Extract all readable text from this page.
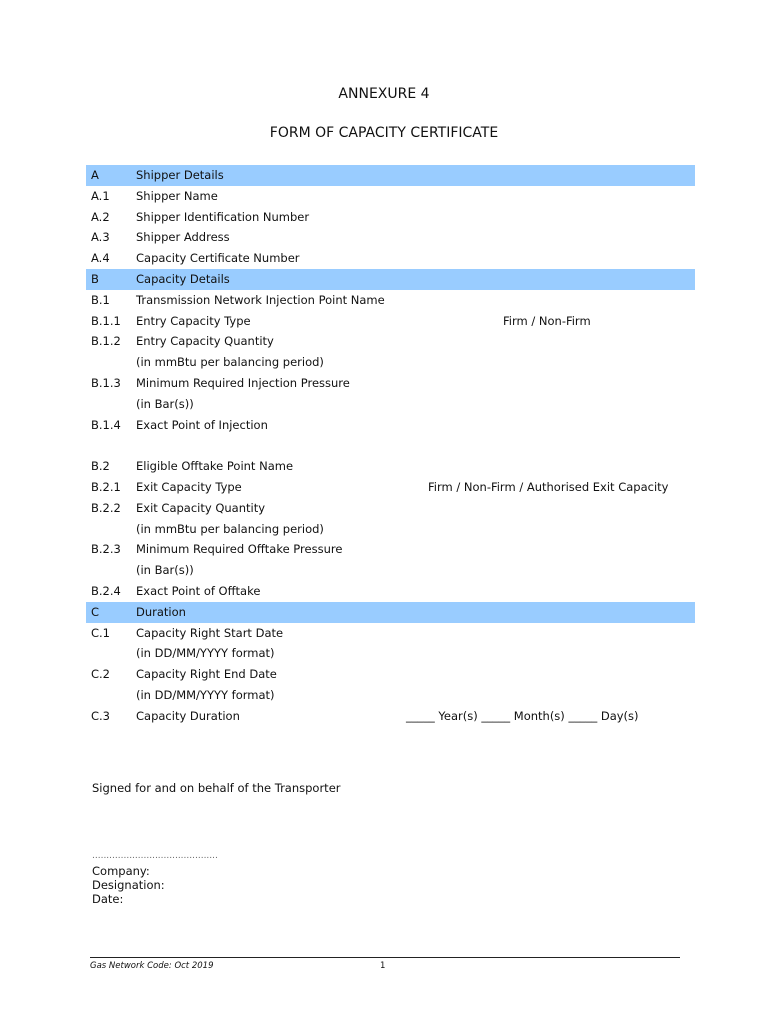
ANNEXURE 4
FORM OF CAPACITY CERTIFICATE
A	Shipper Details
A.1 Shipper Name
A.2 Shipper Identification Number
A.3 Shipper Address
A.4 Capacity Certificate Number
B	Capacity Details
B.1 Transmission Network Injection Point Name
B.1.1 Entry Capacity Type	Firm / Non-Firm
B.1.2 Entry Capacity Quantity
(in mmBtu per balancing period)
B.1.3 Minimum Required Injection Pressure
(in Bar(s))
B.1.4 Exact Point of Injection
B.2 Eligible Offtake Point Name
B.2.1 Exit Capacity Type	Firm / Non-Firm / Authorised Exit Capacity
B.2.2 Exit Capacity Quantity
(in mmBtu per balancing period)
B.2.3 Minimum Required Offtake Pressure
(in Bar(s))
B.2.4 Exact Point of Offtake
C	Duration
C.1 Capacity Right Start Date
(in DD/MM/YYYY format)
C.2 Capacity Right End Date
(in DD/MM/YYYY format)
C.3 Capacity Duration	_____ Year(s) _____ Month(s) _____ Day(s)
Signed for and on behalf of the Transporter
............................................
Company:
Designation:
Date:
Gas Network Code: Oct 2019	1
